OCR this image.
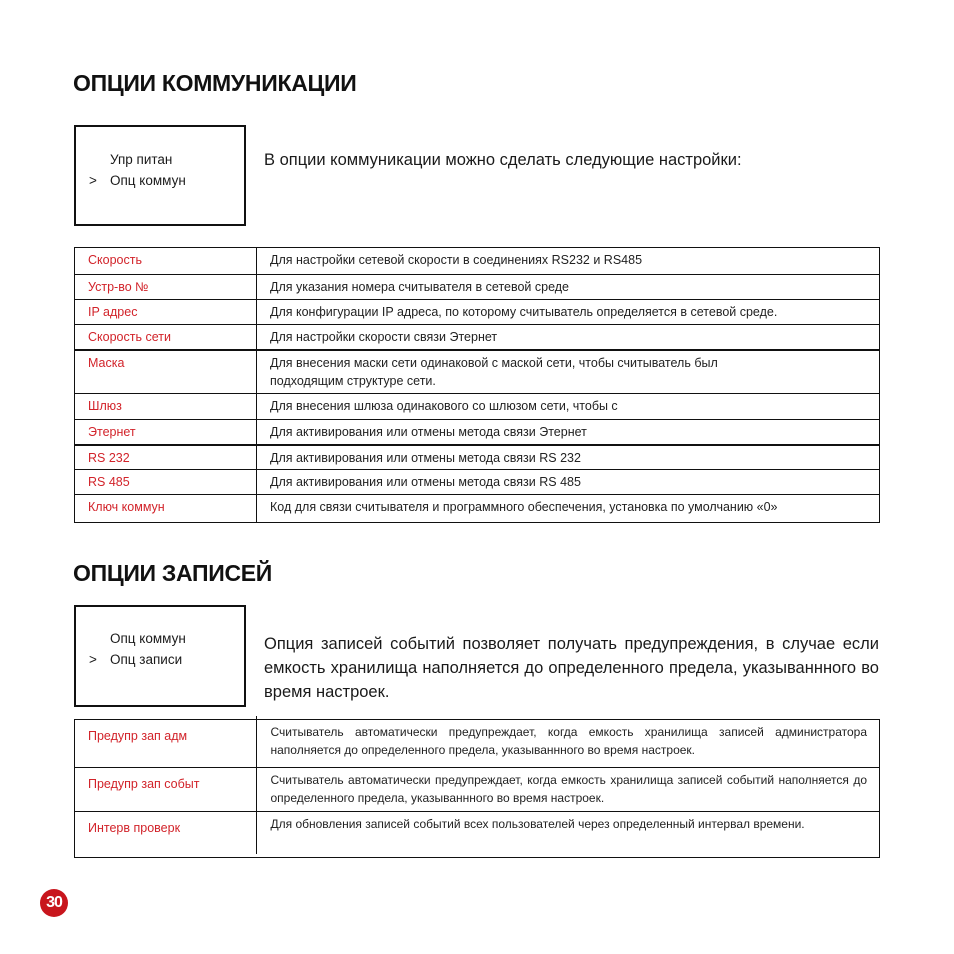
ОПЦИИ КОММУНИКАЦИИ
Упр питан
> Опц коммун
В опции коммуникации можно сделать следующие настройки:
Скорость	Для настройки сетевой скорости в соединениях RS232 и RS485
Устр-во №	Для указания номера считывателя в сетевой среде
IP адрес	Для конфигурации IP адреса, по которому считыватель определяется в сетевой среде.
Скорость сети	Для настройки скорости связи Этернет
Маска	Для внесения маски сети одинаковой с маской сети, чтобы считыватель был подходящим структуре сети.
Шлюз	Для внесения шлюза одинакового со шлюзом сети, чтобы с
Этернет	Для активирования или отмены метода связи Этернет
RS 232	Для активирования или отмены метода связи RS 232
RS 485	Для активирования или отмены метода связи RS 485
Ключ коммун	Код для связи считывателя и программного обеспечения, установка по умолчанию «0»
ОПЦИИ ЗАПИСЕЙ
Опц коммун
> Опц записи
Опция записей событий позволяет получать предупреждения, в случае если емкость хранилища наполняется до определенного предела, указываннного во время настроек.
Предупр зап адм	Считыватель автоматически предупреждает, когда емкость хранилища записей администратора наполняется до определенного предела, указываннного во время настроек.
Предупр зап событ	Считыватель автоматически предупреждает, когда емкость хранилища записей событий наполняется до определенного предела, указываннного во время настроек.
Интерв проверк	Для обновления записей событий всех пользователей через определенный интервал времени.
30
